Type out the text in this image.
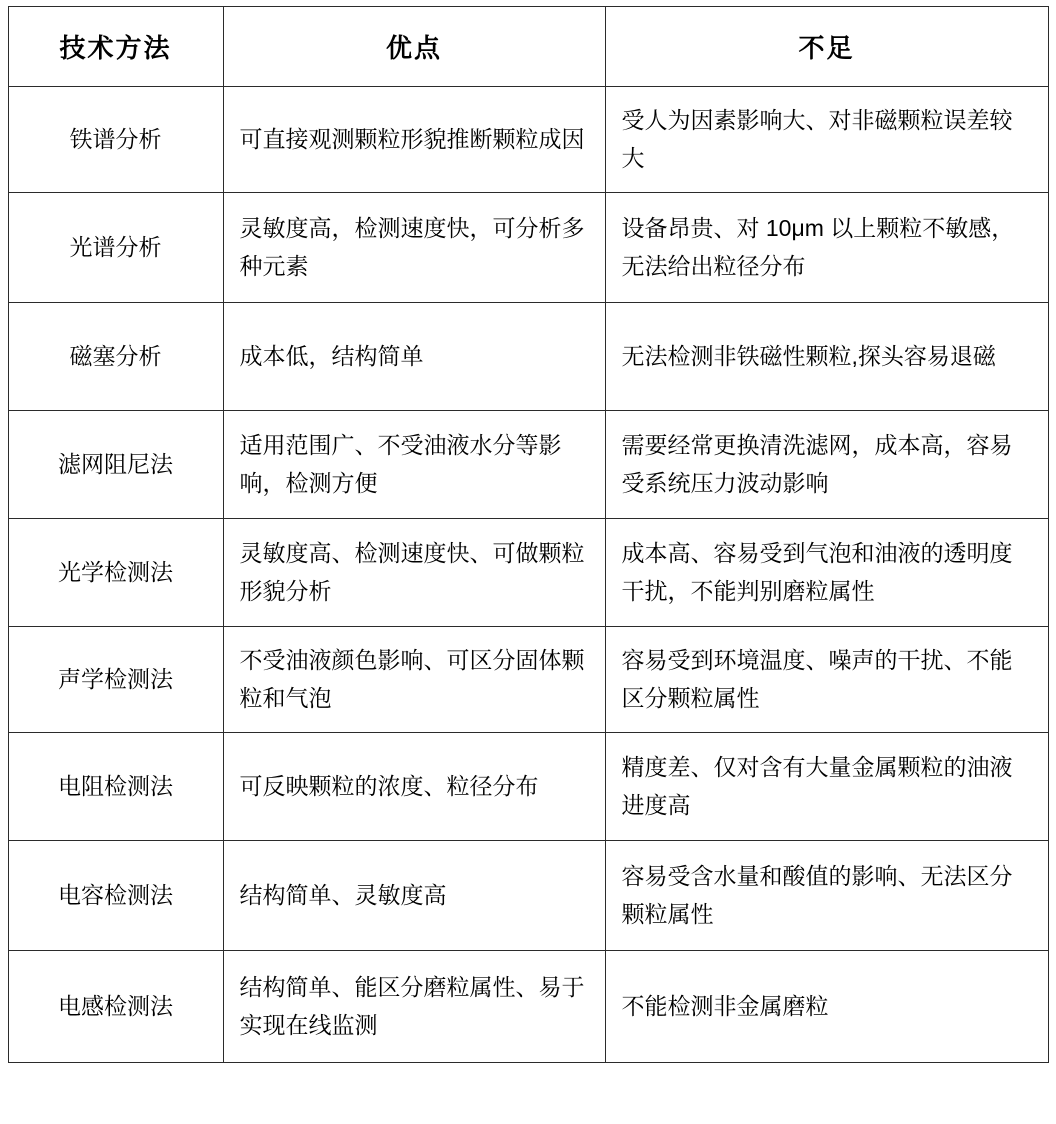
技术方法	优点	不足
铁谱分析	可直接观测颗粒形貌推断颗粒成因	受人为因素影响大、对非磁颗粒误差较大
光谱分析	灵敏度高，检测速度快，可分析多种元素	设备昂贵、对 10μm 以上颗粒不敏感，无法给出粒径分布
磁塞分析	成本低，结构简单	无法检测非铁磁性颗粒,探头容易退磁
滤网阻尼法	适用范围广、不受油液水分等影响，检测方便	需要经常更换清洗滤网，成本高，容易受系统压力波动影响
光学检测法	灵敏度高、检测速度快、可做颗粒形貌分析	成本高、容易受到气泡和油液的透明度干扰，不能判别磨粒属性
声学检测法	不受油液颜色影响、可区分固体颗粒和气泡	容易受到环境温度、噪声的干扰、不能区分颗粒属性
电阻检测法	可反映颗粒的浓度、粒径分布	精度差、仅对含有大量金属颗粒的油液进度高
电容检测法	结构简单、灵敏度高	容易受含水量和酸值的影响、无法区分颗粒属性
电感检测法	结构简单、能区分磨粒属性、易于实现在线监测	不能检测非金属磨粒
